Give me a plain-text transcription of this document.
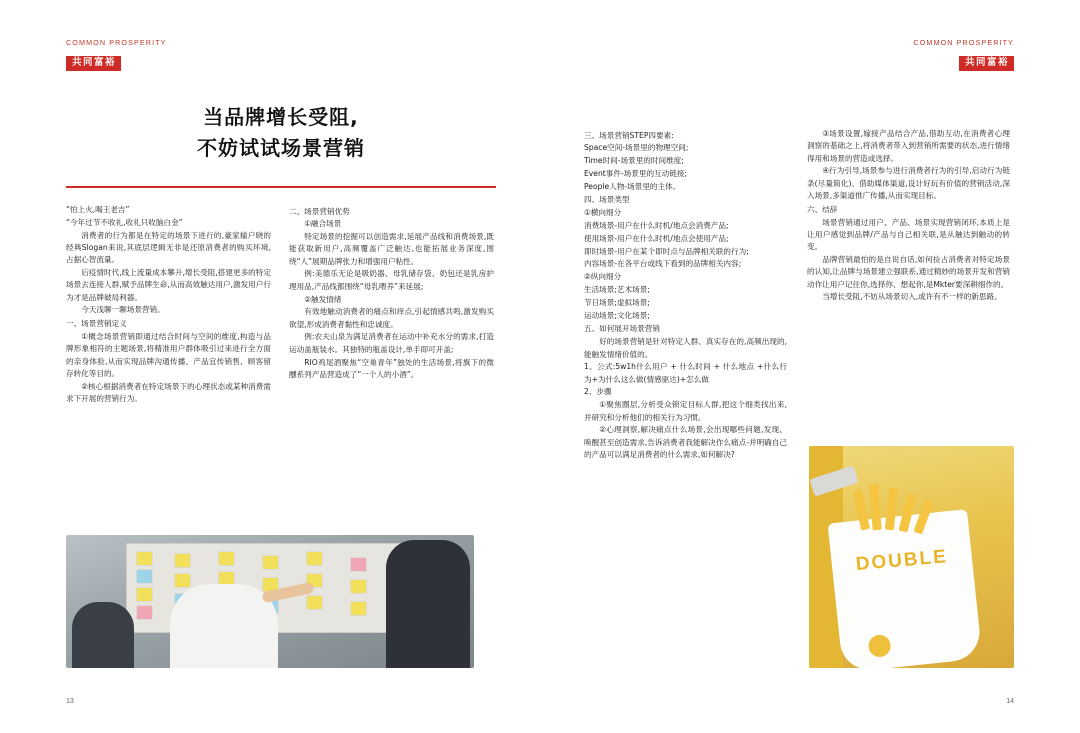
COMMON PROSPERITY
共同富裕
当品牌增长受阻,
不妨试试场景营销

“怕上火,喝王老吉”

“今年过节不收礼,收礼只收脑白金”

消费者的行为都是在特定的场景下进行的,豪家输户晓的经典Slogan来说,其底层逻辑无非是还原消费者的购买环境,占据心智流量。

后疫情时代,线上流量成本攀升,增长受阻,搭建更多的特定场景去连接人群,赋予品牌生命,从而高效触达用户,激发用户行为才是品牌破局利器。

今天浅聊一聊场景营销。

一、场景营销定义

①概念场景营销即通过结合时间与空间的维度,构造与品牌形象相符的主题场景,将精准用户群体吸引过来进行全方面的亲身体验,从而实现品牌沟通传播、产品宜传销售、顾客留存转化等目的。

②核心根据消费者在特定场景下的心理状态或某种消费需求下开展的营销行为。

二、场景营销优势

①融合场景

特定场景的挖掘可以创造需求,延展产品线和消费场景,既能获取新用户,高频覆盖广泛触达,也能拓展业务深度,围绕“人”展期品牌张力和增强用户粘性。

例:美德乐无论是吸奶器、母乳储存袋、奶包还是乳房护理用品,产品线都围绕“母乳喂养”来延展;

②触发情绪

有效地触动消费者的痛点和痒点,引起情感共鸣,激发购买欲望,形成消费者黏性和忠诚度。

例:农夫山泉为满足消费者在运动中补充水分的需求,打造运动盖瓶装水。其独特的瓶盖设计,单手即可开盖;

RIO鸡尾酒聚焦“空巢青年”独处的生活场景,将旗下的微醺系列产品营造成了“一个人的小酒”。

13
COMMON PROSPERITY
共同富裕

三、场景营销STEP四要素:

Space空间-场景里的物理空间;

Time时间-场景里的时间维度;

Event事件-场景里的互动链接;

People人物-场景里的主体。

四、场景类型

①横向细分

消费场景-用户在什么时机/地点会消费产品;

使用场景-用户在什么时机/地点会使用产品;

即时场景-用户在某个即时点与品牌相关联的行为;

内容场景-在各平台或线下看到的品牌相关内容;

②纵向细分

生活场景;艺术场景;

节日场景;虚拟场景;

运动场景;文化场景;

五、如何展开场景营销

好的场景营销是针对特定人群、真实存在的,高频出现的,能触发情绪价值的。

1、公式:5w1h什么用户 + 什么时间 + 什么地点 +什么行为+为什么这么做(情感驱达)+怎么做

2、步骤

①聚焦圈层,分析受众锁定目标人群,把这个细类找出来,并研究和分析他们的相关行为习惯。

②心理洞察,解决痛点什么场景,会出现哪些问题,发现、唤醒甚至创造需求,告诉消费者我能解决作么痛点-并明确自己的产品可以满足消费者的什么需求,如何解决?

③场景设置,嫁接产品结合产品,借助互动,在消费者心理洞察的基础之上,将消费者带入到营销所需要的状态,进行情绪得用和场景的营造或选择。

④行为引导,场景参与进行消费者行为的引导,启动行为链条(尽量简化)、借助媒体渠道,设计好玩有价值的营销活动,深入场景,多渠道推广传播,从而实现目标。

六、结辞

场景营销通过用户、产品、场景实现营销闭环,本质上是让用户感觉到品牌/产品与自己相关联,是从触达到触动的转变。

品牌营销最怕的是自说自话,如何捡占消费者对特定场景的认知,让品牌与场景建立强联系,通过精妙的场景开发和营销动作让用户记住你,选择你、想起你,是Mkter要深耕细作的。

当增长受阻,不妨从场景切入,或许有不一样的新思路。

DOUBLE
14
